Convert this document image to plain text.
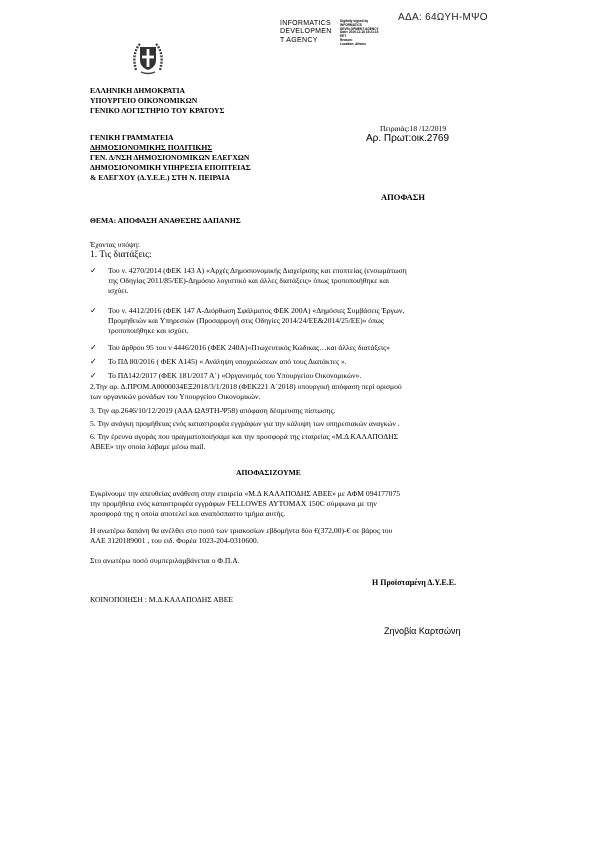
ΑΔΑ: 64ΩΥΗ-ΜΨΟ
INFORMATICS
DEVELOPMEN
T AGENCY
Digitally signed by
INFORMATICS
DEVELOPMENT AGENCY
Date: 2019.12.18 15:21:15
EET
Reason:
Location: Athens
ΕΛΛΗΝΙΚΗ ΔΗΜΟΚΡΑΤΙΑ
ΥΠΟΥΡΓΕΙΟ ΟΙΚΟΝΟΜΙΚΩΝ
ΓΕΝΙΚΟ ΛΟΓΙΣΤΗΡΙΟ ΤΟΥ ΚΡΑΤΟΥΣ
Πειραιάς:18 /12/2019
Αρ. Πρωτ:οικ.2769
ΓΕΝΙΚΗ ΓΡΑΜΜΑΤΕΙΑ
ΔΗΜΟΣΙΟΝΟΜΙΚΗΣ ΠΟΛΙΤΙΚΗΣ
ΓΕΝ. Δ/ΝΣΗ ΔΗΜΟΣΙΟΝΟΜΙΚΩΝ ΕΛΕΓΧΩΝ
ΔΗΜΟΣΙΟΝΟΜΙΚΗ ΥΠΗΡΕΣΙΑ ΕΠΟΠΤΕΙΑΣ
& ΕΛΕΓΧΟΥ (Δ.Υ.Ε.Ε.) ΣΤΗ Ν. ΠΕΙΡΑΙΑ
ΑΠΟΦΑΣΗ
ΘΕΜΑ: ΑΠΟΦΑΣΗ ΑΝΑΘΕΣΗΣ ΔΑΠΑΝΗΣ
Έχοντας υπόψη:
1. Τις διατάξεις:
✓ Του ν. 4270/2014 (ΦΕΚ 143 Α) «Αρχές Δημοσιονομικής Διαχείρισης και εποπτείας (ενσωμάτωση
της Οδηγίας 2011/85/ΕΕ)-Δημόσιο λογιστικό και άλλες διατάξεις» όπως τροποποιήθηκε και
ισχύει.
✓ Του ν. 4412/2016 (ΦΕΚ 147 Α-Διόρθωση Σφάλματος ΦΕΚ 200Α) «Δημόσιες Συμβάσεις Έργων,
Προμηθειών και Υπηρεσιών (Προσαρμογή στις Οδηγίες 2014/24/ΕΕ&2014/25/ΕΕ)» όπως
τροποποιήθηκε και ισχύει.
✓ Του άρθρου 95 του ν 4446/2016 (ΦΕΚ 240Α)«Πτωχευτικός Κώδικας…και άλλες διατάξεις»
✓ Το ΠΔ 80/2016 ( ΦΕΚ Α145) « Ανάληψη υποχρεώσεων από τους Διατάκτες ».
✓ Το ΠΔ142/2017 (ΦΕΚ 181/2017 Α΄) «Οργανισμός του Υπουργείου Οικονομικών».
2.Την αρ. Δ.ΠΡΟΜ.Α0000034ΕΞ2018/3/1/2018 (ΦΕΚ221 Α΄2018) υπουργική απόφαση περί ορισμού
των οργανικών μονάδων του Υπουργείου Οικονομικών.
3. Την αρ.2646/10/12/2019 (ΑΔΑ ΩΑ9ΤΗ-Ψ58) απόφαση δέσμευσης πίστωσης.
5. Την ανάγκη προμήθειας ενός καταστροφέα εγγράφων για την κάλυψη των υπηρεσιακών αναγκών .
6. Την έρευνα αγοράς που πραγματοποιήσαμε και την προσφορά της εταιρείας «Μ.Δ ΚΑΛΑΠΟΔΗΣ
ΑΒΕΕ» την οποία λάβαμε μέσω mail.
ΑΠΟΦΑΣΙΖΟΥΜΕ
Εγκρίνουμε την απευθείας ανάθεση στην εταιρεία «Μ.Δ ΚΑΛΑΠΟΔΗΣ ΑΒΕΕ» με ΑΦΜ 094177075
την προμήθεια ενός καταστροφέα εγγράφων FELLOWES AYTOMAX 150C σύμφωνα με την
προσφορά της η οποία αποτελεί και αναπόσπαστο τμήμα αυτής.
Η ανωτέρω δαπάνη θα ανέλθει στο ποσό των τριακοσίων εβδομήντα δύο €(372,00)-€ σε βάρος του
ΑΛΕ 3120189001 , του ειδ. Φορέα 1023-204-0310600.
Στο ανωτέρω ποσό συμπεριλαμβάνεται ο Φ.Π.Α.
Η Προϊσταμένη Δ.Υ.Ε.Ε.
ΚΟΙΝΟΠΟΙΗΣΗ : Μ.Δ.ΚΑΛΑΠΟΔΗΣ ΑΒΕΕ
Ζηνοβία Καρτσώνη
